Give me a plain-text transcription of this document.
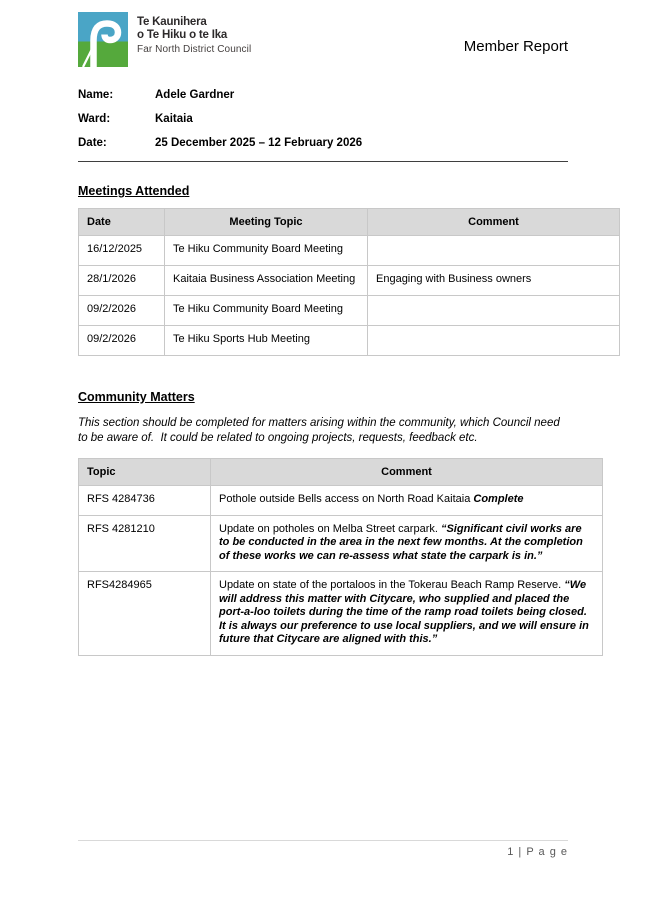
Te Kaunihera
o Te Hiku o te Ika
Far North District Council	Member Report
Name:	Adele Gardner
Ward:	Kaitaia
Date:	25 December 2025 – 12 February 2026
Meetings Attended
Date	Meeting Topic	Comment
16/12/2025	Te Hiku Community Board Meeting	
28/1/2026	Kaitaia Business Association Meeting	Engaging with Business owners
09/2/2026	Te Hiku Community Board Meeting	
09/2/2026	Te Hiku Sports Hub Meeting	
Community Matters

This section should be completed for matters arising within the community, which Council need to be aware of.  It could be related to ongoing projects, requests, feedback etc.

Topic	Comment
RFS 4284736	Pothole outside Bells access on North Road Kaitaia Complete
RFS 4281210	Update on potholes on Melba Street carpark. “Significant civil works are to be conducted in the area in the next few months. At the completion of these works we can re-assess what state the carpark is in.”
RFS4284965	Update on state of the portaloos in the Tokerau Beach Ramp Reserve. “We will address this matter with Citycare, who supplied and placed the port-a-loo toilets during the time of the ramp road toilets being closed. It is always our preference to use local suppliers, and we will ensure in future that Citycare are aligned with this.”
1 | P a g e
